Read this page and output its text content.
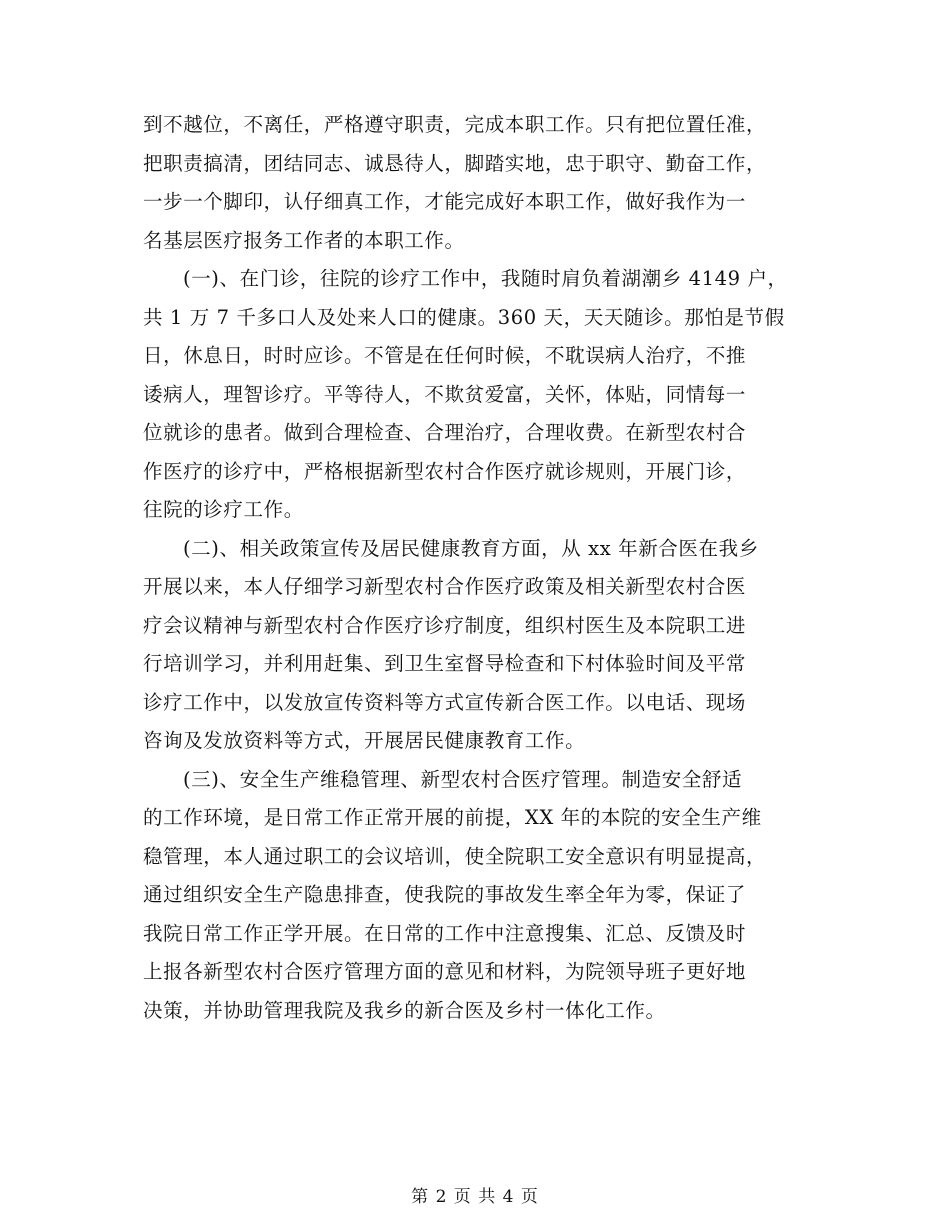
到不越位，不离任，严格遵守职责，完成本职工作。只有把位置任准，
把职责搞清，团结同志、诚恳待人，脚踏实地，忠于职守、勤奋工作，
一步一个脚印，认仔细真工作，才能完成好本职工作，做好我作为一
名基层医疗报务工作者的本职工作。
(一)、在门诊，往院的诊疗工作中，我随时肩负着湖潮乡 4149 户，
共 1 万 7 千多口人及处来人口的健康。360 天，天天随诊。那怕是节假
日，休息日，时时应诊。不管是在任何时候，不耽误病人治疗，不推
诿病人，理智诊疗。平等待人，不欺贫爱富，关怀，体贴，同情每一
位就诊的患者。做到合理检查、合理治疗，合理收费。在新型农村合
作医疗的诊疗中，严格根据新型农村合作医疗就诊规则，开展门诊，
往院的诊疗工作。
(二)、相关政策宣传及居民健康教育方面，从 xx 年新合医在我乡
开展以来，本人仔细学习新型农村合作医疗政策及相关新型农村合医
疗会议精神与新型农村合作医疗诊疗制度，组织村医生及本院职工进
行培训学习，并利用赶集、到卫生室督导检查和下村体验时间及平常
诊疗工作中，以发放宣传资料等方式宣传新合医工作。以电话、现场
咨询及发放资料等方式，开展居民健康教育工作。
(三)、安全生产维稳管理、新型农村合医疗管理。制造安全舒适
的工作环境，是日常工作正常开展的前提，XX 年的本院的安全生产维
稳管理，本人通过职工的会议培训，使全院职工安全意识有明显提高，
通过组织安全生产隐患排查，使我院的事故发生率全年为零，保证了
我院日常工作正学开展。在日常的工作中注意搜集、汇总、反馈及时
上报各新型农村合医疗管理方面的意见和材料，为院领导班子更好地
决策，并协助管理我院及我乡的新合医及乡村一体化工作。
第 2 页 共 4 页
